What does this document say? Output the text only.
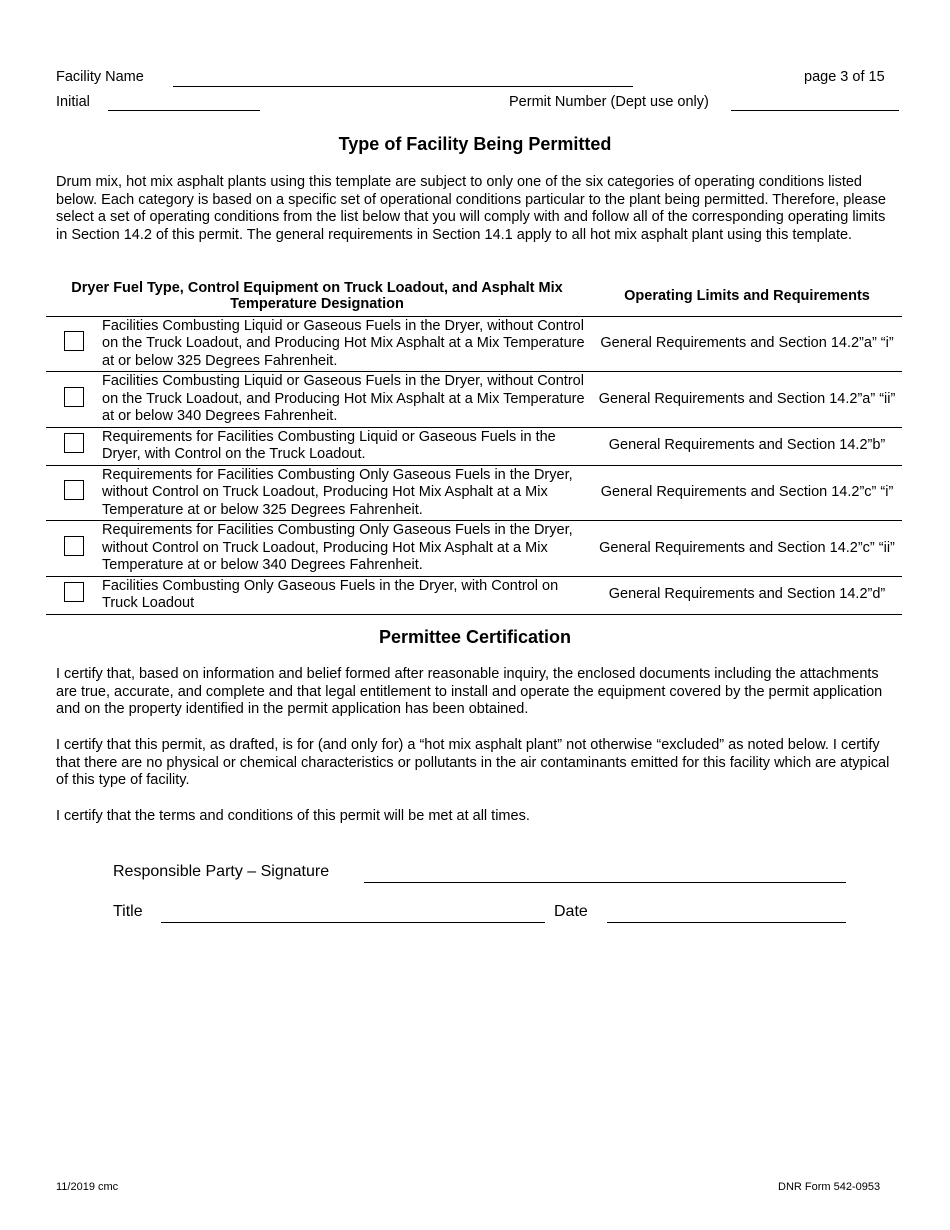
Facility Name	page 3 of 15
Initial	Permit Number (Dept use only)
Type of Facility Being Permitted

Drum mix, hot mix asphalt plants using this template are subject to only one of the six categories of operating conditions listed below. Each category is based on a specific set of operational conditions particular to the plant being permitted. Therefore, please select a set of operating conditions from the list below that you will comply with and follow all of the corresponding operating limits in Section 14.2 of this permit. The general requirements in Section 14.1 apply to all hot mix asphalt plant using this template.

Dryer Fuel Type, Control Equipment on Truck Loadout, and Asphalt Mix Temperature Designation		Operating Limits and Requirements
	Facilities Combusting Liquid or Gaseous Fuels in the Dryer, without Control on the Truck Loadout, and Producing Hot Mix Asphalt at a Mix Temperature at or below 325 Degrees Fahrenheit.	General Requirements and Section 14.2”a” “i”
	Facilities Combusting Liquid or Gaseous Fuels in the Dryer, without Control on the Truck Loadout, and Producing Hot Mix Asphalt at a Mix Temperature at or below 340 Degrees Fahrenheit.	General Requirements and Section 14.2”a” “ii”
	Requirements for Facilities Combusting Liquid or Gaseous Fuels in the Dryer, with Control on the Truck Loadout.	General Requirements and Section 14.2”b”
	Requirements for Facilities Combusting Only Gaseous Fuels in the Dryer, without Control on Truck Loadout, Producing Hot Mix Asphalt at a Mix Temperature at or below 325 Degrees Fahrenheit.	General Requirements and Section 14.2”c” “i”
	Requirements for Facilities Combusting Only Gaseous Fuels in the Dryer, without Control on Truck Loadout, Producing Hot Mix Asphalt at a Mix Temperature at or below 340 Degrees Fahrenheit.	General Requirements and Section 14.2”c” “ii”
	Facilities Combusting Only Gaseous Fuels in the Dryer, with Control on Truck Loadout	General Requirements and Section 14.2”d”
Permittee Certification

I certify that, based on information and belief formed after reasonable inquiry, the enclosed documents including the attachments are true, accurate, and complete and that legal entitlement to install and operate the equipment covered by the permit application and on the property identified in the permit application has been obtained.

I certify that this permit, as drafted, is for (and only for) a “hot mix asphalt plant” not otherwise “excluded” as noted below. I certify that there are no physical or chemical characteristics or pollutants in the air contaminants emitted for this facility which are atypical of this type of facility.

I certify that the terms and conditions of this permit will be met at all times.

Responsible Party – Signature
Title	Date
11/2019 cmc	DNR Form 542-0953
